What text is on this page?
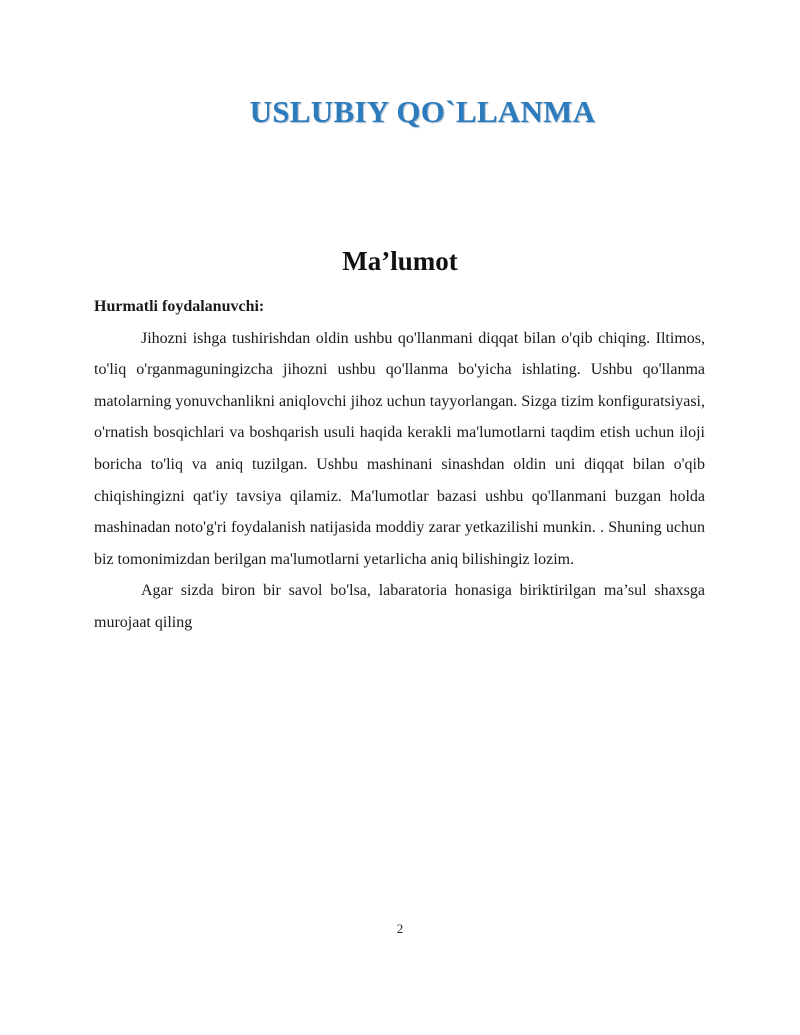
USLUBIY QO`LLANMA
Ma’lumot

Hurmatli foydalanuvchi:

Jihozni ishga tushirishdan oldin ushbu qo'llanmani diqqat bilan o'qib chiqing. Iltimos, to'liq o'rganmaguningizcha jihozni ushbu qo'llanma bo'yicha ishlating. Ushbu qo'llanma matolarning yonuvchanlikni aniqlovchi jihoz uchun tayyorlangan. Sizga tizim konfiguratsiyasi, o'rnatish bosqichlari va boshqarish usuli haqida kerakli ma'lumotlarni taqdim etish uchun iloji boricha to'liq va aniq tuzilgan. Ushbu mashinani sinashdan oldin uni diqqat bilan o'qib chiqishingizni qat'iy tavsiya qilamiz. Ma'lumotlar bazasi ushbu qo'llanmani buzgan holda mashinadan noto'g'ri foydalanish natijasida moddiy zarar yetkazilishi munkin. . Shuning uchun biz tomonimizdan berilgan ma'lumotlarni yetarlicha aniq bilishingiz lozim.

Agar sizda biron bir savol bo'lsa, labaratoria honasiga biriktirilgan ma’sul shaxsga murojaat qiling

2
